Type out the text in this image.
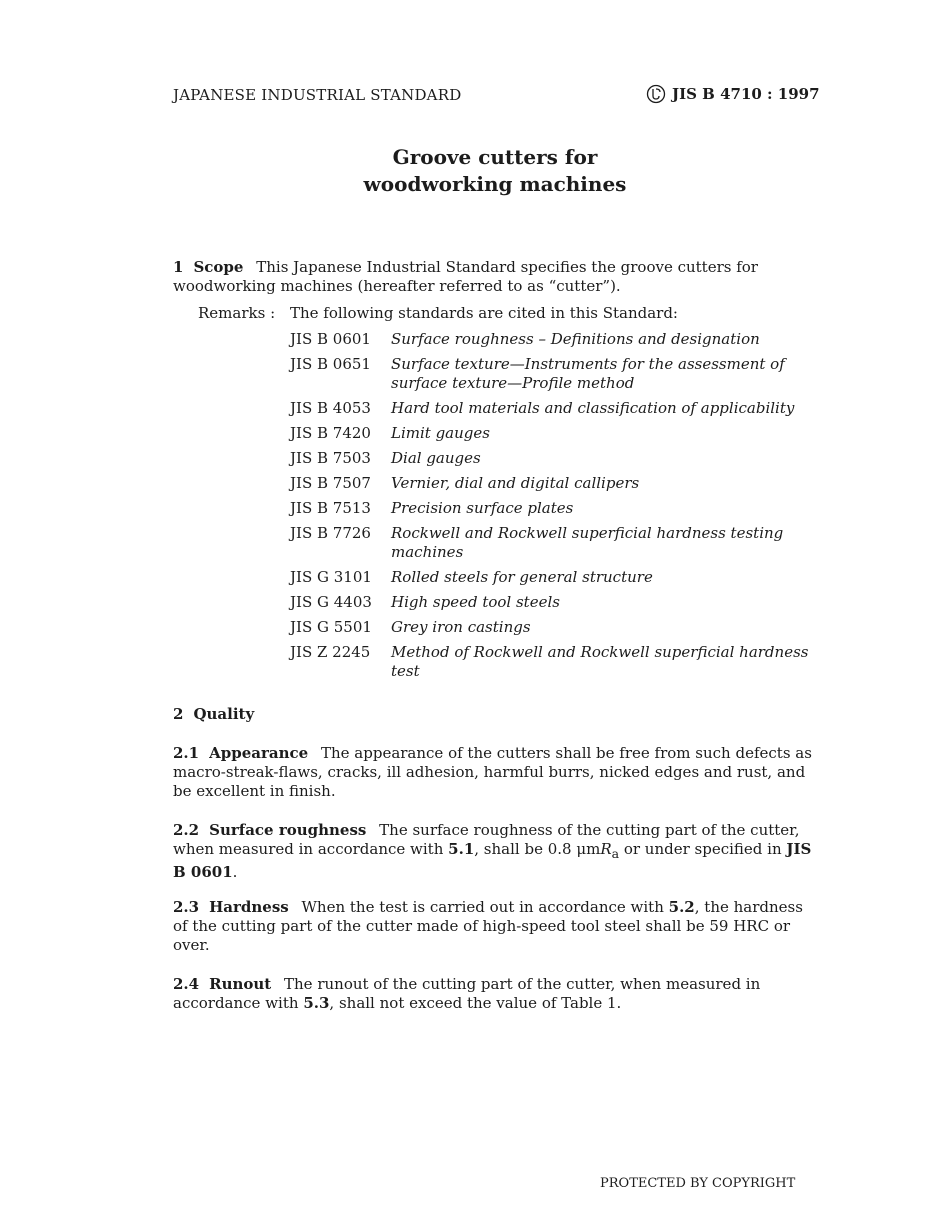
JAPANESE INDUSTRIAL STANDARD	JIS B 4710 : 1997
Groove cutters for
woodworking machines
1 Scope This Japanese Industrial Standard specifies the groove cutters for woodworking machines (hereafter referred to as “cutter”).
Remarks : The following standards are cited in this Standard:
JIS B 0601	Surface roughness – Definitions and designation
JIS B 0651	Surface texture—Instruments for the assessment of surface texture—Profile method
JIS B 4053	Hard tool materials and classification of applicability
JIS B 7420	Limit gauges
JIS B 7503	Dial gauges
JIS B 7507	Vernier, dial and digital callipers
JIS B 7513	Precision surface plates
JIS B 7726	Rockwell and Rockwell superficial hardness testing machines
JIS G 3101	Rolled steels for general structure
JIS G 4403	High speed tool steels
JIS G 5501	Grey iron castings
JIS Z 2245	Method of Rockwell and Rockwell superficial hardness test
2 Quality
2.1 Appearance The appearance of the cutters shall be free from such defects as macro-streak-flaws, cracks, ill adhesion, harmful burrs, nicked edges and rust, and be excellent in finish.
2.2 Surface roughness The surface roughness of the cutting part of the cutter, when measured in accordance with 5.1, shall be 0.8 μmR$_a$ or under specified in JIS B 0601.
2.3 Hardness When the test is carried out in accordance with 5.2, the hardness of the cutting part of the cutter made of high-speed tool steel shall be 59 HRC or over.
2.4 Runout The runout of the cutting part of the cutter, when measured in accordance with 5.3, shall not exceed the value of Table 1.
PROTECTED BY COPYRIGHT
